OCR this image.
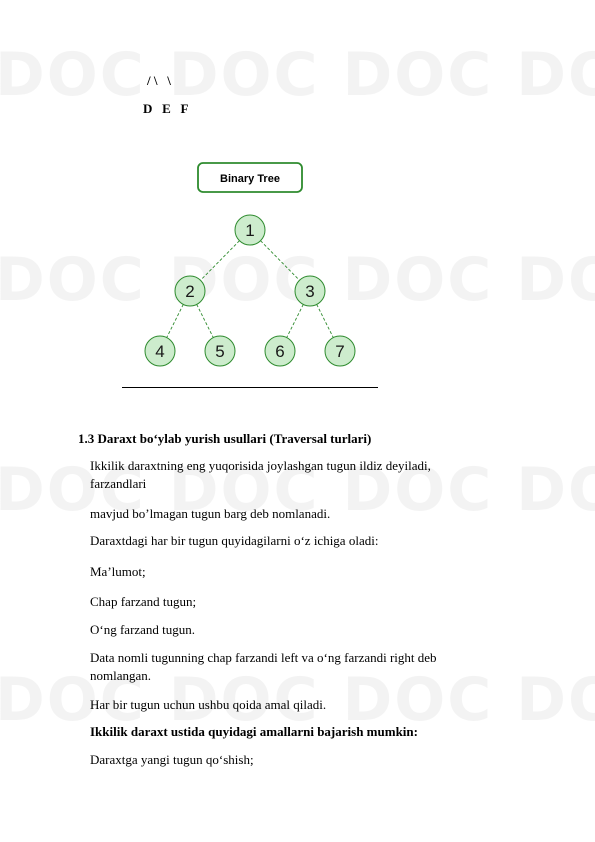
/ \   \
D   E   F
Binary Tree
1
2	3
4	5	6	7
1.3 Daraxt bo‘ylab yurish usullari (Traversal turlari)
Ikkilik daraxtning eng yuqorisida joylashgan tugun ildiz deyiladi, farzandlari
mavjud bo’lmagan tugun barg deb nomlanadi.
Daraxtdagi har bir tugun quyidagilarni o‘z ichiga oladi:
Ma’lumot;
Chap farzand tugun;
O‘ng farzand tugun.
Data nomli tugunning chap farzandi left va o‘ng farzandi right deb nomlangan.
Har bir tugun uchun ushbu qoida amal qiladi.
Ikkilik daraxt ustida quyidagi amallarni bajarish mumkin:
Daraxtga yangi tugun qo‘shish;
